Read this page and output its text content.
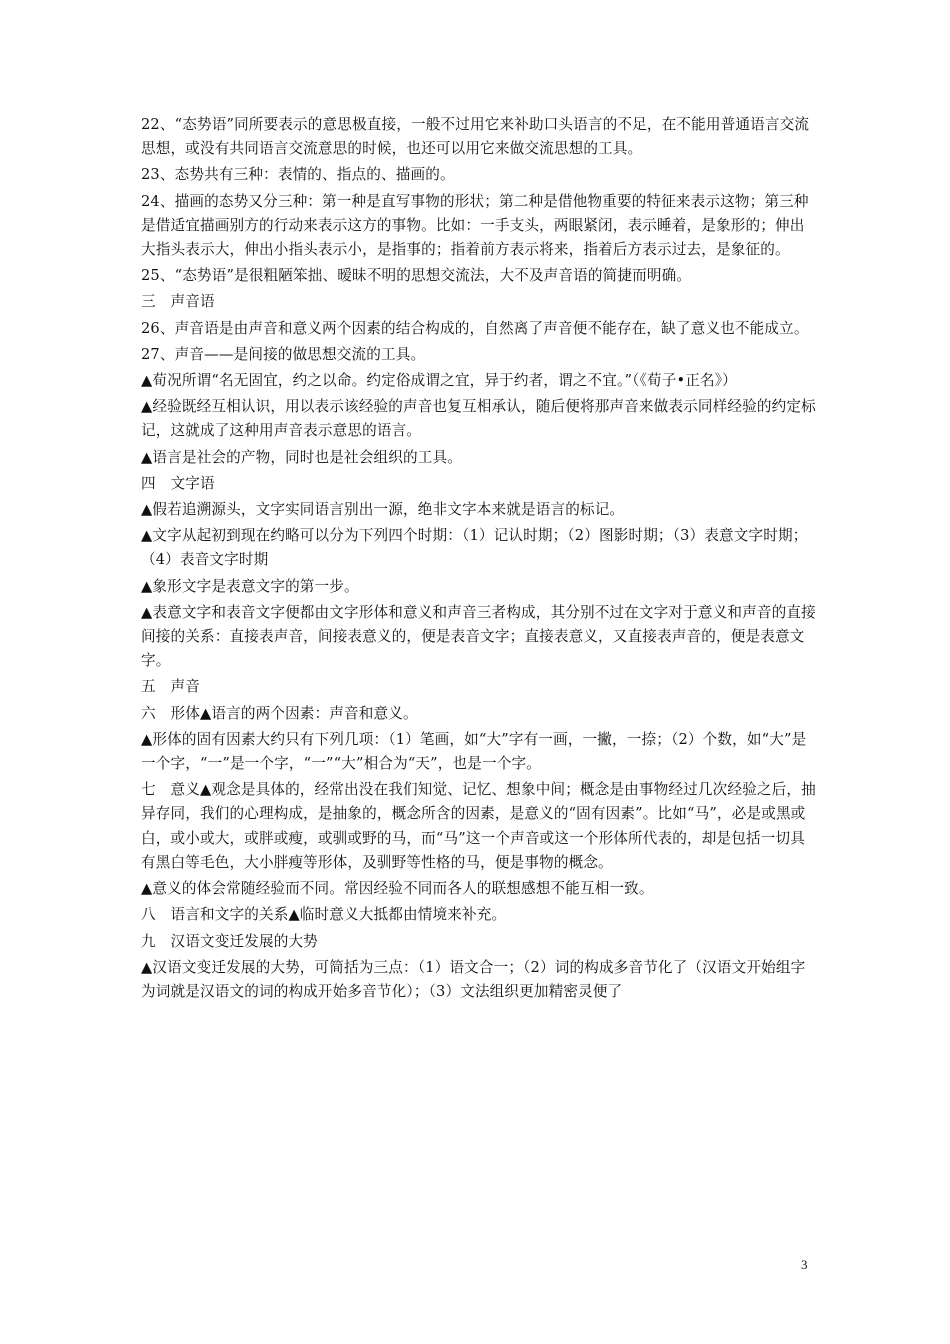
22、“态势语”同所要表示的意思极直接，一般不过用它来补助口头语言的不足，在不能用普通语言交流思想，或没有共同语言交流意思的时候，也还可以用它来做交流思想的工具。

23、态势共有三种：表情的、指点的、描画的。

24、描画的态势又分三种：第一种是直写事物的形状；第二种是借他物重要的特征来表示这物；第三种是借适宜描画别方的行动来表示这方的事物。比如：一手支头，两眼紧闭，表示睡着，是象形的；伸出大指头表示大，伸出小指头表示小，是指事的；指着前方表示将来，指着后方表示过去，是象征的。

25、“态势语”是很粗陋笨拙、暧昧不明的思想交流法，大不及声音语的简捷而明确。

三　声音语

26、声音语是由声音和意义两个因素的结合构成的，自然离了声音便不能存在，缺了意义也不能成立。

27、声音——是间接的做思想交流的工具。

▲荀况所谓“名无固宜，约之以命。约定俗成谓之宜，异于约者，谓之不宜。”（《荀子•正名》）

▲经验既经互相认识，用以表示该经验的声音也复互相承认，随后便将那声音来做表示同样经验的约定标记，这就成了这种用声音表示意思的语言。

▲语言是社会的产物，同时也是社会组织的工具。

四　文字语

▲假若追溯源头，文字实同语言别出一源，绝非文字本来就是语言的标记。

▲文字从起初到现在约略可以分为下列四个时期：（1）记认时期；（2）图影时期；（3）表意文字时期；（4）表音文字时期

▲象形文字是表意文字的第一步。

▲表意文字和表音文字便都由文字形体和意义和声音三者构成，其分别不过在文字对于意义和声音的直接间接的关系：直接表声音，间接表意义的，便是表音文字；直接表意义，又直接表声音的，便是表意文字。

五　声音

六　形体▲语言的两个因素：声音和意义。

▲形体的固有因素大约只有下列几项：（1）笔画，如“大”字有一画，一撇，一捺；（2）个数，如“大”是一个字，“一”是一个字，“一”“大”相合为“天”，也是一个字。

七　意义▲观念是具体的，经常出没在我们知觉、记忆、想象中间；概念是由事物经过几次经验之后，抽异存同，我们的心理构成，是抽象的，概念所含的因素，是意义的“固有因素”。比如“马”，必是或黑或白，或小或大，或胖或瘦，或驯或野的马，而“马”这一个声音或这一个形体所代表的，却是包括一切具有黑白等毛色，大小胖瘦等形体，及驯野等性格的马，便是事物的概念。

▲意义的体会常随经验而不同。常因经验不同而各人的联想感想不能互相一致。

八　语言和文字的关系▲临时意义大抵都由情境来补充。

九　汉语文变迁发展的大势

▲汉语文变迁发展的大势，可简括为三点：（1）语文合一；（2）词的构成多音节化了（汉语文开始组字为词就是汉语文的词的构成开始多音节化）；（3）文法组织更加精密灵便了

3
